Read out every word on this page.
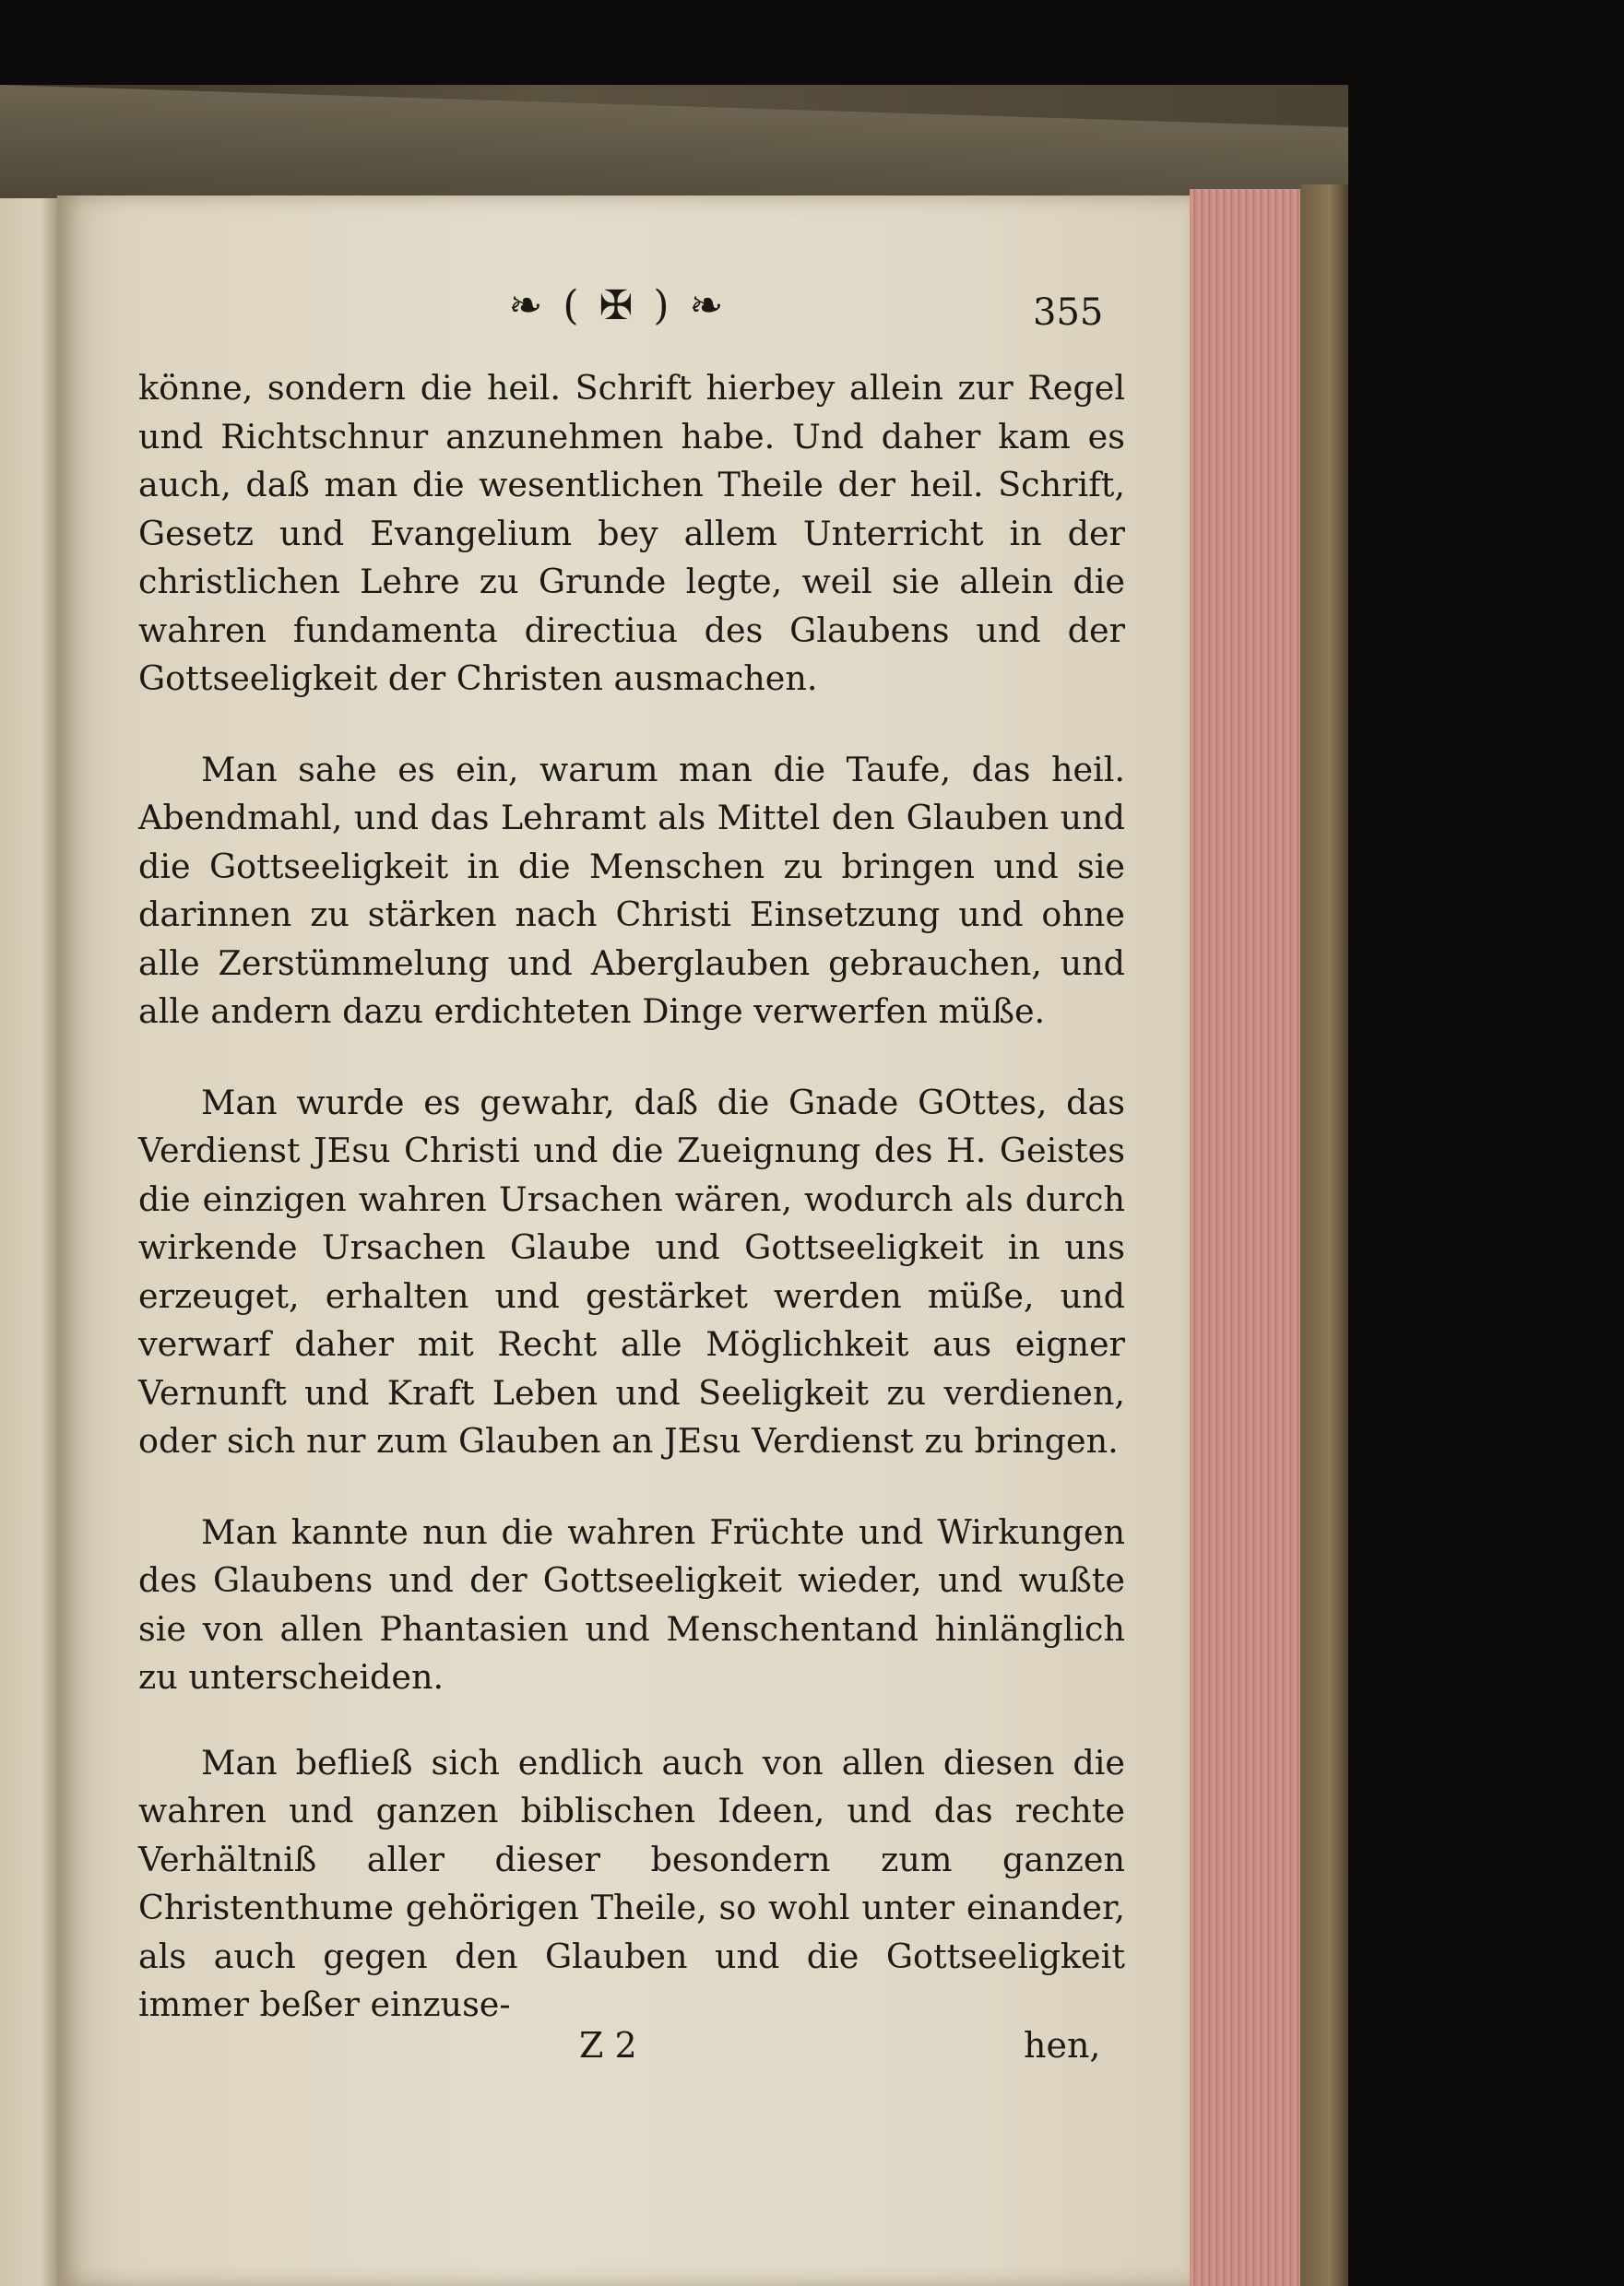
❧ ( ✠ ) ❧	355

könne, sondern die heil. Schrift hierbey allein zur Regel und Richtschnur anzunehmen habe. Und daher kam es auch, daß man die wesentlichen Theile der heil. Schrift, Gesetz und Evangelium bey allem Unterricht in der christlichen Lehre zu Grunde legte, weil sie allein die wahren fundamenta directiua des Glaubens und der Gottseeligkeit der Christen ausmachen.

Man sahe es ein, warum man die Taufe, das heil. Abendmahl, und das Lehramt als Mittel den Glauben und die Gottseeligkeit in die Menschen zu bringen und sie darinnen zu stärken nach Christi Einsetzung und ohne alle Zerstümmelung und Aberglauben gebrauchen, und alle andern dazu erdichteten Dinge verwerfen müße.

Man wurde es gewahr, daß die Gnade GOttes, das Verdienst JEsu Christi und die Zueignung des H. Geistes die einzigen wahren Ursachen wären, wodurch als durch wirkende Ursachen Glaube und Gottseeligkeit in uns erzeuget, erhalten und gestärket werden müße, und verwarf daher mit Recht alle Möglichkeit aus eigner Vernunft und Kraft Leben und Seeligkeit zu verdienen, oder sich nur zum Glauben an JEsu Verdienst zu bringen.

Man kannte nun die wahren Früchte und Wirkungen des Glaubens und der Gottseeligkeit wieder, und wußte sie von allen Phantasien und Menschentand hinlänglich zu unterscheiden.

Man befließ sich endlich auch von allen diesen die wahren und ganzen biblischen Ideen, und das rechte Verhältniß aller dieser besondern zum ganzen Christenthume gehörigen Theile, so wohl unter einander, als auch gegen den Glauben und die Gottseeligkeit immer beßer einzuse-

Z 2	hen,
